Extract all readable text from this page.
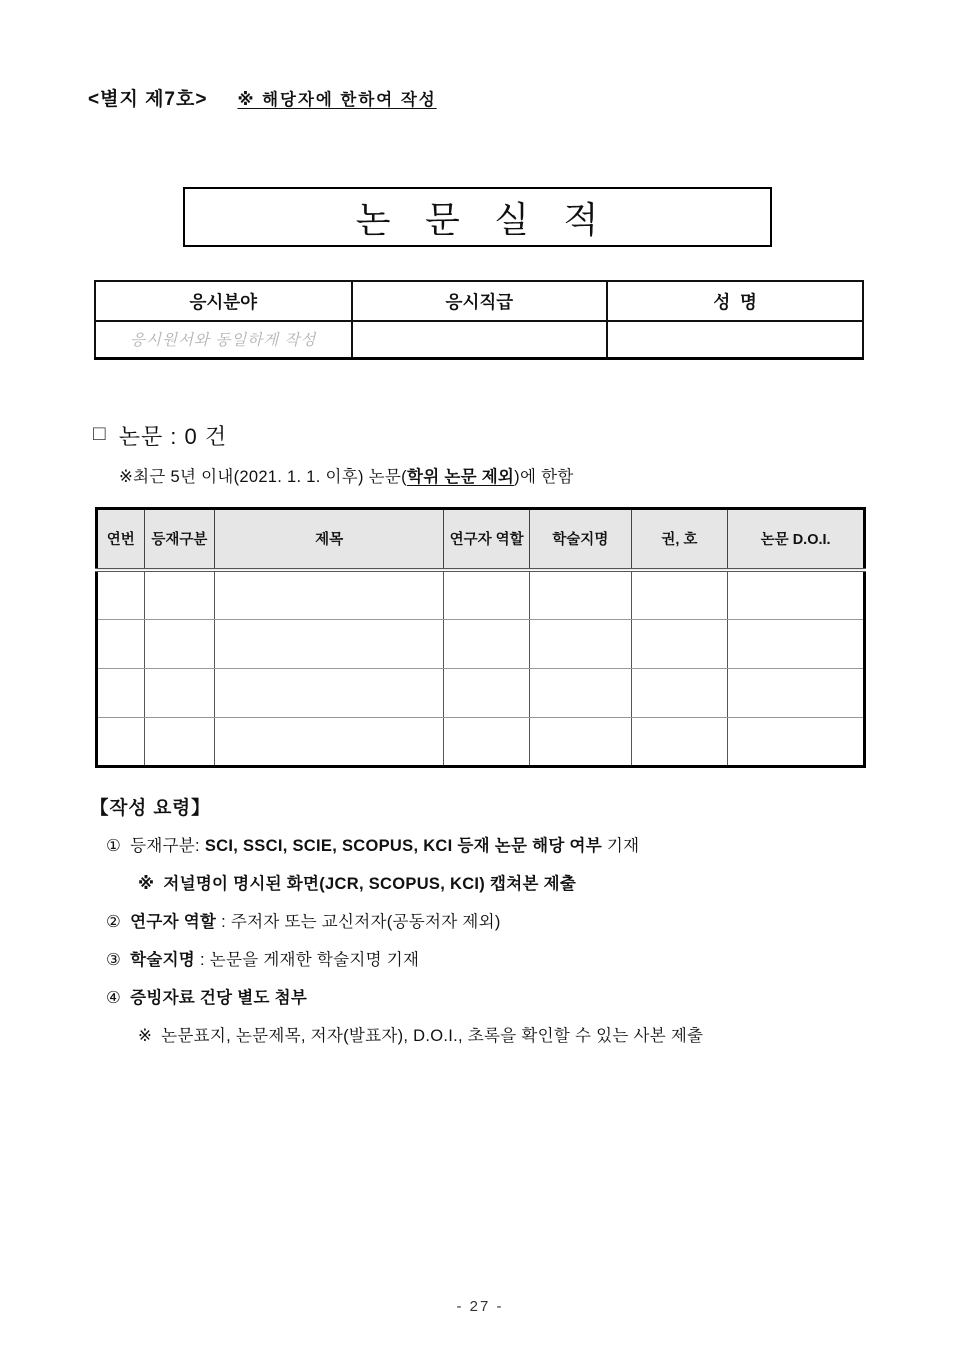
<별지 제7호> ※ 해당자에 한하여 작성
논 문 실 적
응시분야	응시직급	성  명
응시원서와 동일하게 작성		
□ 논문 : 0 건
※최근 5년 이내(2021. 1. 1. 이후) 논문(학위 논문 제외)에 한함
연번	등재구분	제목	연구자 역할	학술지명	권, 호	논문 D.O.I.

【작성 요령】
① 등재구분: SCI, SSCI, SCIE, SCOPUS, KCI 등재 논문 해당 여부 기재
※ 저널명이 명시된 화면(JCR, SCOPUS, KCI) 캡쳐본 제출
② 연구자 역할 : 주저자 또는 교신저자(공동저자 제외)
③ 학술지명 : 논문을 게재한 학술지명 기재
④ 증빙자료 건당 별도 첨부
※ 논문표지, 논문제목, 저자(발표자), D.O.I., 초록을 확인할 수 있는 사본 제출
- 27 -
